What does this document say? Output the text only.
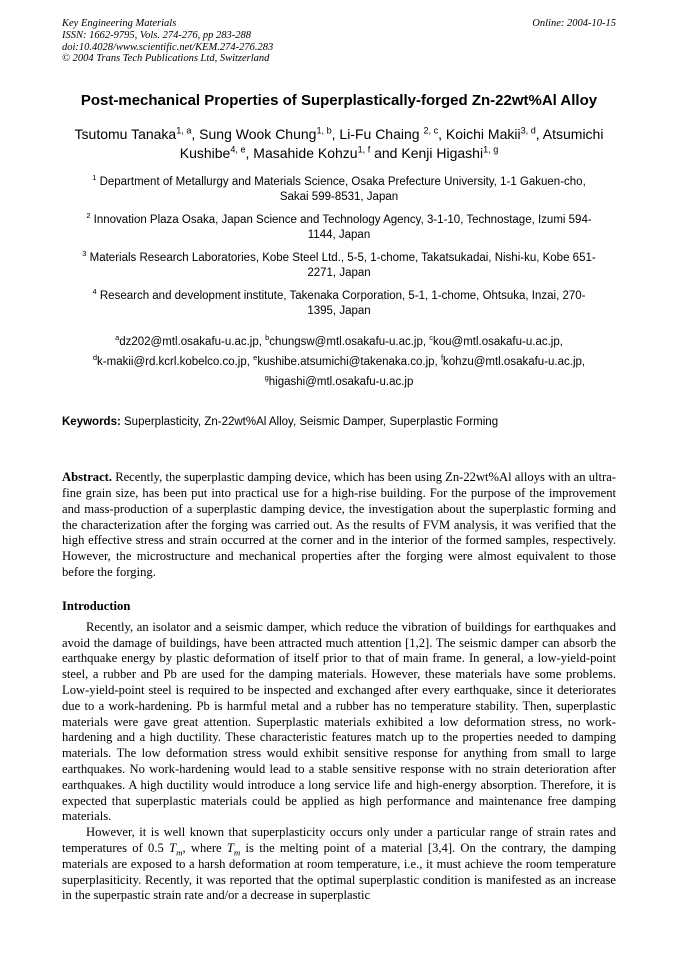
Key Engineering Materials
ISSN: 1662-9795, Vols. 274-276, pp 283-288
doi:10.4028/www.scientific.net/KEM.274-276.283
© 2004 Trans Tech Publications Ltd, Switzerland
Online: 2004-10-15
Post-mechanical Properties of Superplastically-forged Zn-22wt%Al Alloy
Tsutomu Tanaka$^{1, a}$, Sung Wook Chung$^{1, b}$, Li-Fu Chaing $^{2, c}$, Koichi Makii$^{3, d}$, Atsumichi Kushibe$^{4, e}$, Masahide Kohzu$^{1, f}$ and Kenji Higashi$^{1, g}$

$^1$ Department of Metallurgy and Materials Science, Osaka Prefecture University, 1-1 Gakuen-cho, Sakai 599-8531, Japan

$^2$ Innovation Plaza Osaka, Japan Science and Technology Agency, 3-1-10, Technostage, Izumi 594-1144, Japan

$^3$ Materials Research Laboratories, Kobe Steel Ltd., 5-5, 1-chome, Takatsukadai, Nishi-ku, Kobe 651-2271, Japan

$^4$ Research and development institute, Takenaka Corporation, 5-1, 1-chome, Ohtsuka, Inzai, 270-1395, Japan

$^a$dz202@mtl.osakafu-u.ac.jp, $^b$chungsw@mtl.osakafu-u.ac.jp, $^c$kou@mtl.osakafu-u.ac.jp,
$^d$k-makii@rd.kcrl.kobelco.co.jp, $^e$kushibe.atsumichi@takenaka.co.jp, $^f$kohzu@mtl.osakafu-u.ac.jp,
$^g$higashi@mtl.osakafu-u.ac.jp

Keywords: Superplasticity, Zn-22wt%Al Alloy, Seismic Damper, Superplastic Forming

Abstract. Recently, the superplastic damping device, which has been using Zn-22wt%Al alloys with an ultra-fine grain size, has been put into practical use for a high-rise building. For the purpose of the improvement and mass-production of a superplastic damping device, the investigation about the superplastic forming and the characterization after the forging was carried out. As the results of FVM analysis, it was verified that the high effective stress and strain occurred at the corner and in the interior of the formed samples, respectively. However, the microstructure and mechanical properties after the forging were almost equivalent to those before the forging.

Introduction

Recently, an isolator and a seismic damper, which reduce the vibration of buildings for earthquakes and avoid the damage of buildings, have been attracted much attention [1,2]. The seismic damper can absorb the earthquake energy by plastic deformation of itself prior to that of main frame. In general, a low-yield-point steel, a rubber and Pb are used for the damping materials. However, these materials have some problems. Low-yield-point steel is required to be inspected and exchanged after every earthquake, since it deteriorates due to a work-hardening. Pb is harmful metal and a rubber has no temperature stability. Then, superplastic materials were gave great attention. Superplastic materials exhibited a low deformation stress, no work-hardening and a high ductility. These characteristic features match up to the properties needed to damping materials. The low deformation stress would exhibit sensitive response for anything from small to large earthquakes. No work-hardening would lead to a stable sensitive response with no strain deterioration after earthquakes. A high ductility would introduce a long service life and high-energy absorption. Therefore, it is expected that superplastic materials could be applied as high performance and maintenance free damping materials.

However, it is well known that superplasticity occurs only under a particular range of strain rates and temperatures of 0.5 $T_m$, where $T_m$ is the melting point of a material [3,4]. On the contrary, the damping materials are exposed to a harsh deformation at room temperature, i.e., it must achieve the room temperature superplasiticity. Recently, it was reported that the optimal superplastic condition is manifested as an increase in the superpastic strain rate and/or a decrease in superplastic
